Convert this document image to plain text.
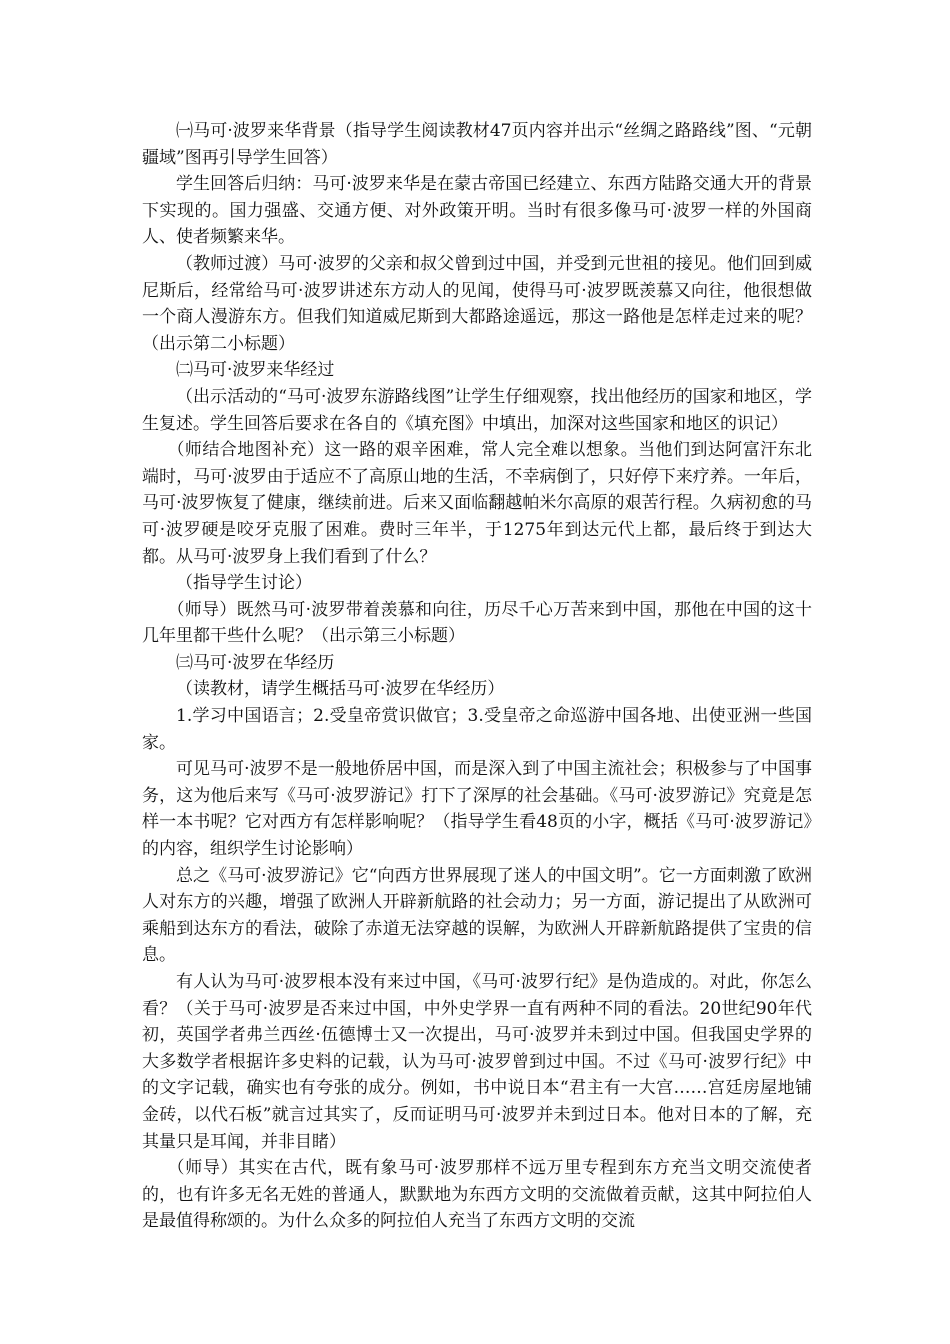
㈠马可·波罗来华背景（指导学生阅读教材47页内容并出示“丝绸之路路线”图、“元朝疆域”图再引导学生回答）

学生回答后归纳：马可·波罗来华是在蒙古帝国已经建立、东西方陆路交通大开的背景下实现的。国力强盛、交通方便、对外政策开明。当时有很多像马可·波罗一样的外国商人、使者频繁来华。

（教师过渡）马可·波罗的父亲和叔父曾到过中国，并受到元世祖的接见。他们回到威尼斯后，经常给马可·波罗讲述东方动人的见闻，使得马可·波罗既羡慕又向往，他很想做一个商人漫游东方。但我们知道威尼斯到大都路途遥远，那这一路他是怎样走过来的呢？（出示第二小标题）

㈡马可·波罗来华经过

（出示活动的“马可·波罗东游路线图”让学生仔细观察，找出他经历的国家和地区，学生复述。学生回答后要求在各自的《填充图》中填出，加深对这些国家和地区的识记）

（师结合地图补充）这一路的艰辛困难，常人完全难以想象。当他们到达阿富汗东北端时，马可·波罗由于适应不了高原山地的生活，不幸病倒了，只好停下来疗养。一年后，马可·波罗恢复了健康，继续前进。后来又面临翻越帕米尔高原的艰苦行程。久病初愈的马可·波罗硬是咬牙克服了困难。费时三年半，于1275年到达元代上都，最后终于到达大都。从马可·波罗身上我们看到了什么？

（指导学生讨论）

（师导）既然马可·波罗带着羡慕和向往，历尽千心万苦来到中国，那他在中国的这十几年里都干些什么呢？（出示第三小标题）

㈢马可·波罗在华经历

（读教材，请学生概括马可·波罗在华经历）

1.学习中国语言；2.受皇帝赏识做官；3.受皇帝之命巡游中国各地、出使亚洲一些国家。

可见马可·波罗不是一般地侨居中国，而是深入到了中国主流社会；积极参与了中国事务，这为他后来写《马可·波罗游记》打下了深厚的社会基础。《马可·波罗游记》究竟是怎样一本书呢？它对西方有怎样影响呢？（指导学生看48页的小字，概括《马可·波罗游记》的内容，组织学生讨论影响）

总之《马可·波罗游记》它“向西方世界展现了迷人的中国文明”。它一方面刺激了欧洲人对东方的兴趣，增强了欧洲人开辟新航路的社会动力；另一方面，游记提出了从欧洲可乘船到达东方的看法，破除了赤道无法穿越的误解，为欧洲人开辟新航路提供了宝贵的信息。

有人认为马可·波罗根本没有来过中国，《马可·波罗行纪》是伪造成的。对此，你怎么看？（关于马可·波罗是否来过中国，中外史学界一直有两种不同的看法。20世纪90年代初，英国学者弗兰西丝·伍德博士又一次提出，马可·波罗并未到过中国。但我国史学界的大多数学者根据许多史料的记载，认为马可·波罗曾到过中国。不过《马可·波罗行纪》中的文字记载，确实也有夸张的成分。例如，书中说日本“君主有一大宫……宫廷房屋地铺金砖，以代石板”就言过其实了，反而证明马可·波罗并未到过日本。他对日本的了解，充其量只是耳闻，并非目睹）

（师导）其实在古代，既有象马可·波罗那样不远万里专程到东方充当文明交流使者的，也有许多无名无姓的普通人，默默地为东西方文明的交流做着贡献，这其中阿拉伯人是最值得称颂的。为什么众多的阿拉伯人充当了东西方文明的交流
